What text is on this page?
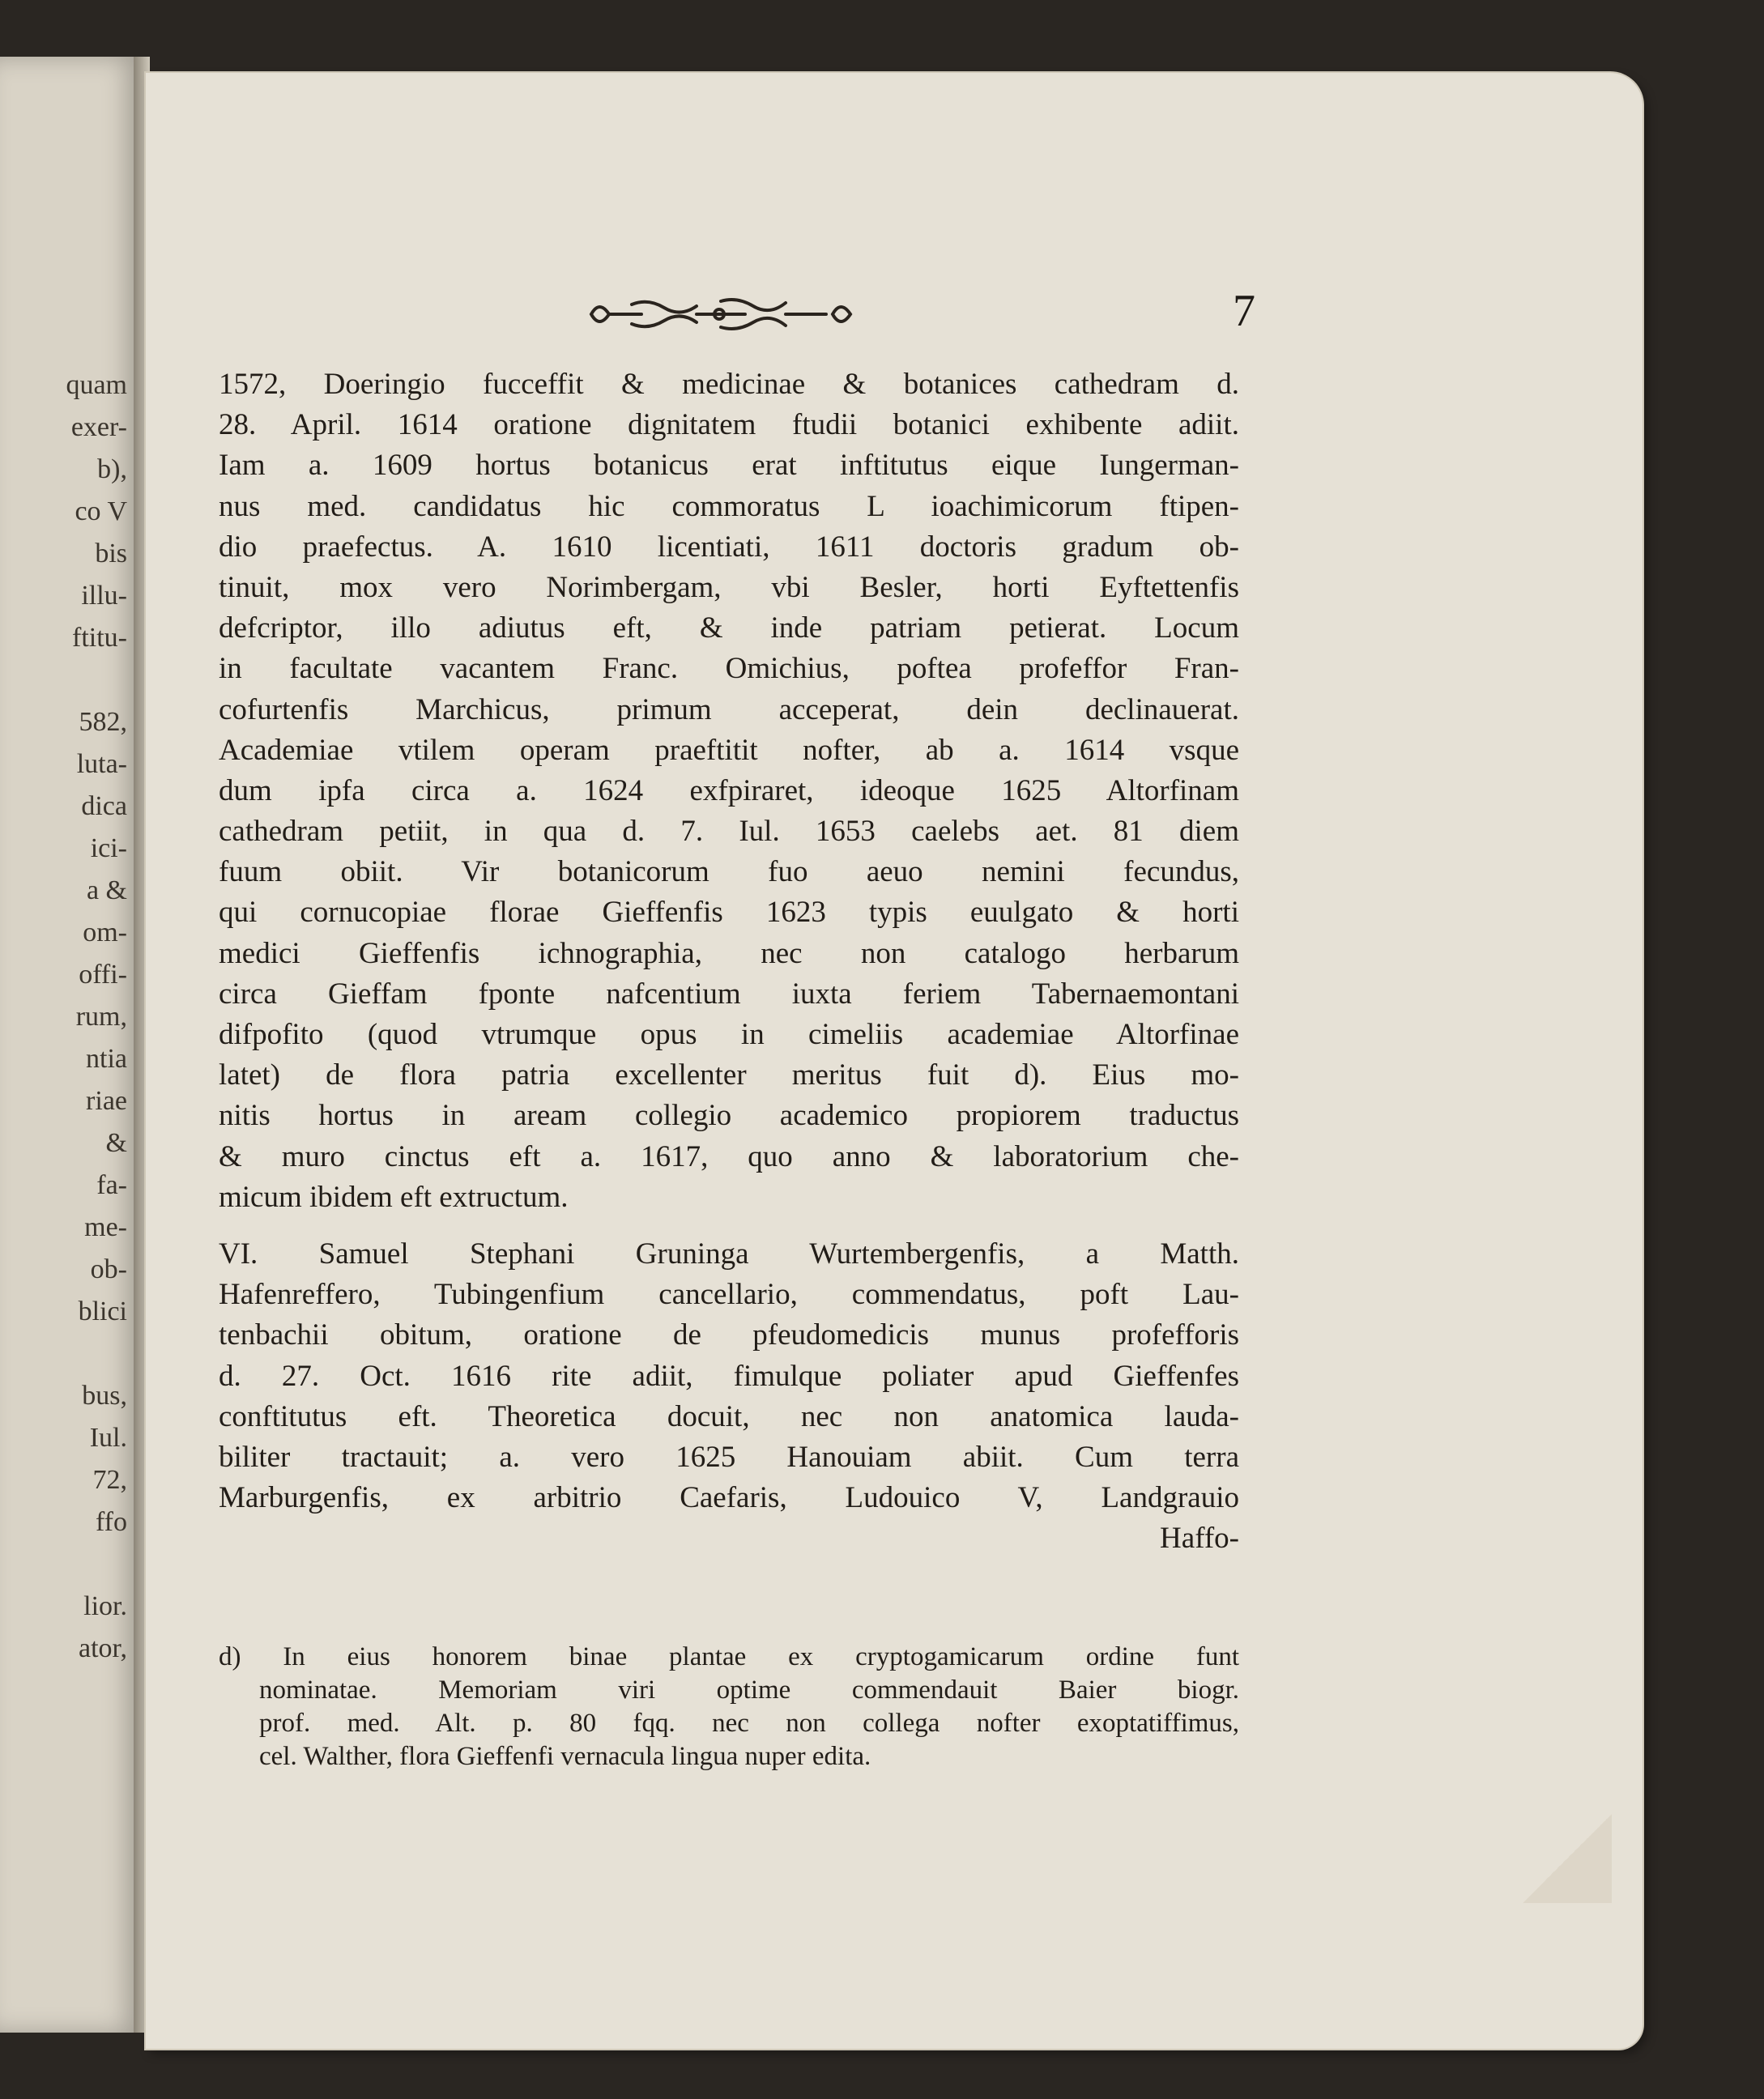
quam
exer-
b),
co V
bis
illu-
ftitu-
582,
luta-
dica
ici-
a &
om-
offi-
rum,
ntia
riae
&
fa-
me-
ob-
blici
bus,
Iul.
72,
ffo
lior.
ator,
7
1572, Doeringio fucceffit & medicinae & botanices cathedram d.
28. April. 1614 oratione dignitatem ftudii botanici exhibente adiit.
Iam a. 1609 hortus botanicus erat inftitutus eique Iungerman-
nus med. candidatus hic commoratus L ioachimicorum ftipen-
dio praefectus. A. 1610 licentiati, 1611 doctoris gradum ob-
tinuit, mox vero Norimbergam, vbi Besler, horti Eyftettenfis
defcriptor, illo adiutus eft, & inde patriam petierat. Locum
in facultate vacantem Franc. Omichius, poftea profeffor Fran-
cofurtenfis Marchicus, primum acceperat, dein declinauerat.
Academiae vtilem operam praeftitit nofter, ab a. 1614 vsque
dum ipfa circa a. 1624 exfpiraret, ideoque 1625 Altorfinam
cathedram petiit, in qua d. 7. Iul. 1653 caelebs aet. 81 diem
fuum obiit. Vir botanicorum fuo aeuo nemini fecundus,
qui cornucopiae florae Gieffenfis 1623 typis euulgato & horti
medici Gieffenfis ichnographia, nec non catalogo herbarum
circa Gieffam fponte nafcentium iuxta feriem Tabernaemontani
difpofito (quod vtrumque opus in cimeliis academiae Altorfinae
latet) de flora patria excellenter meritus fuit d). Eius mo-
nitis hortus in aream collegio academico propiorem traductus
& muro cinctus eft a. 1617, quo anno & laboratorium che-
micum ibidem eft extructum.
VI. Samuel Stephani Gruninga Wurtembergenfis, a Matth.
Hafenreffero, Tubingenfium cancellario, commendatus, poft Lau-
tenbachii obitum, oratione de pfeudomedicis munus profefforis
d. 27. Oct. 1616 rite adiit, fimulque poliater apud Gieffenfes
conftitutus eft. Theoretica docuit, nec non anatomica lauda-
biliter tractauit; a. vero 1625 Hanouiam abiit. Cum terra
Marburgenfis, ex arbitrio Caefaris, Ludouico V, Landgrauio
Haffo-
d) In eius honorem binae plantae ex cryptogamicarum ordine funt
nominatae. Memoriam viri optime commendauit Baier biogr.
prof. med. Alt. p. 80 fqq. nec non collega nofter exoptatiffimus,
cel. Walther, flora Gieffenfi vernacula lingua nuper edita.
